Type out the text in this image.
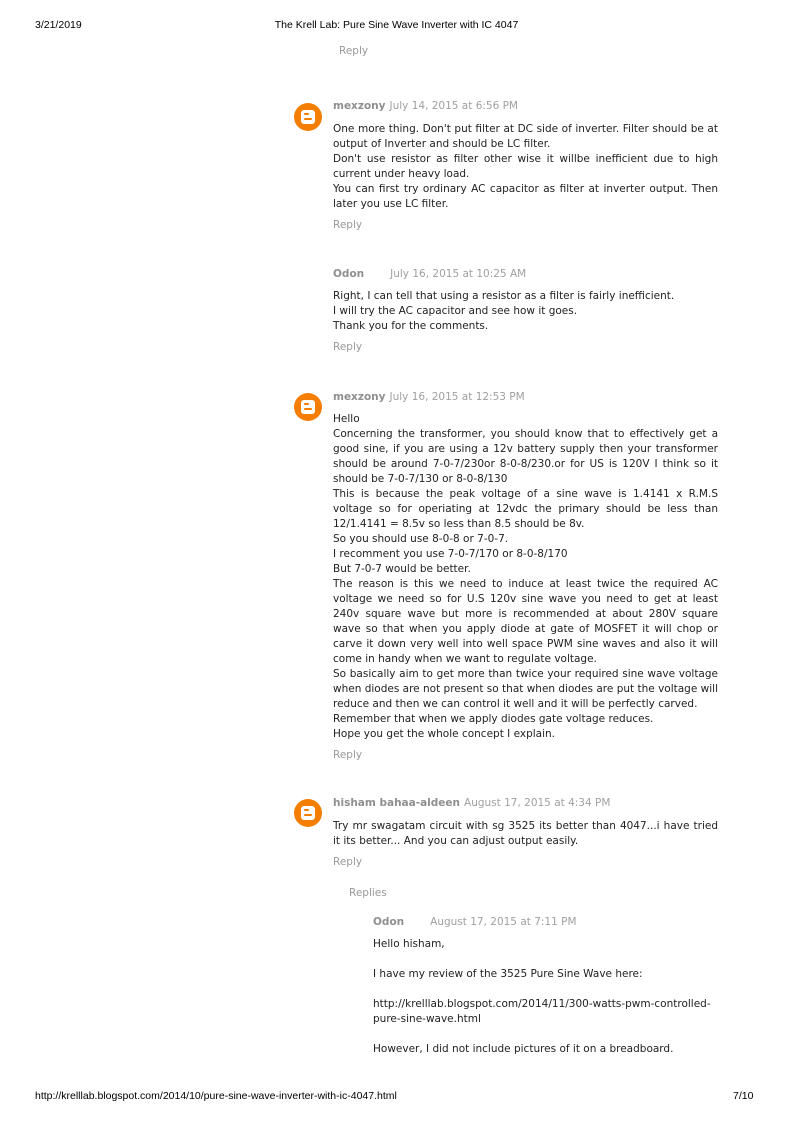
3/21/2019	The Krell Lab: Pure Sine Wave Inverter with IC 4047
http://krelllab.blogspot.com/2014/10/pure-sine-wave-inverter-with-ic-4047.html	7/10
Reply
mexzony July 14, 2015 at 6:56 PM
One more thing. Don't put filter at DC side of inverter. Filter should be at output of Inverter and should be LC filter.
Don't use resistor as filter other wise it willbe inefficient due to high current under heavy load.
You can first try ordinary AC capacitor as filter at inverter output. Then later you use LC filter.
Reply
Odon July 16, 2015 at 10:25 AM
Right, I can tell that using a resistor as a filter is fairly inefficient.
I will try the AC capacitor and see how it goes.
Thank you for the comments.
Reply
mexzony July 16, 2015 at 12:53 PM
Hello
Concerning the transformer, you should know that to effectively get a good sine, if you are using a 12v battery supply then your transformer should be around 7-0-7/230or 8-0-8/230.or for US is 120V I think so it should be 7-0-7/130 or 8-0-8/130
This is because the peak voltage of a sine wave is 1.4141 x R.M.S voltage so for operiating at 12vdc the primary should be less than 12/1.4141 = 8.5v so less than 8.5 should be 8v.
So you should use 8-0-8 or 7-0-7.
I recomment you use 7-0-7/170 or 8-0-8/170
But 7-0-7 would be better.
The reason is this we need to induce at least twice the required AC voltage we need so for U.S 120v sine wave you need to get at least 240v square wave but more is recommended at about 280V square wave so that when you apply diode at gate of MOSFET it will chop or carve it down very well into well space PWM sine waves and also it will come in handy when we want to regulate voltage.
So basically aim to get more than twice your required sine wave voltage when diodes are not present so that when diodes are put the voltage will reduce and then we can control it well and it will be perfectly carved.
Remember that when we apply diodes gate voltage reduces.
Hope you get the whole concept I explain.
Reply
hisham bahaa-aldeen August 17, 2015 at 4:34 PM
Try mr swagatam circuit with sg 3525 its better than 4047...i have tried it its better... And you can adjust output easily.
Reply
Replies
Odon August 17, 2015 at 7:11 PM
Hello hisham,
I have my review of the 3525 Pure Sine Wave here:
http://krelllab.blogspot.com/2014/11/300-watts-pwm-controlled-pure-sine-wave.html
However, I did not include pictures of it on a breadboard.
